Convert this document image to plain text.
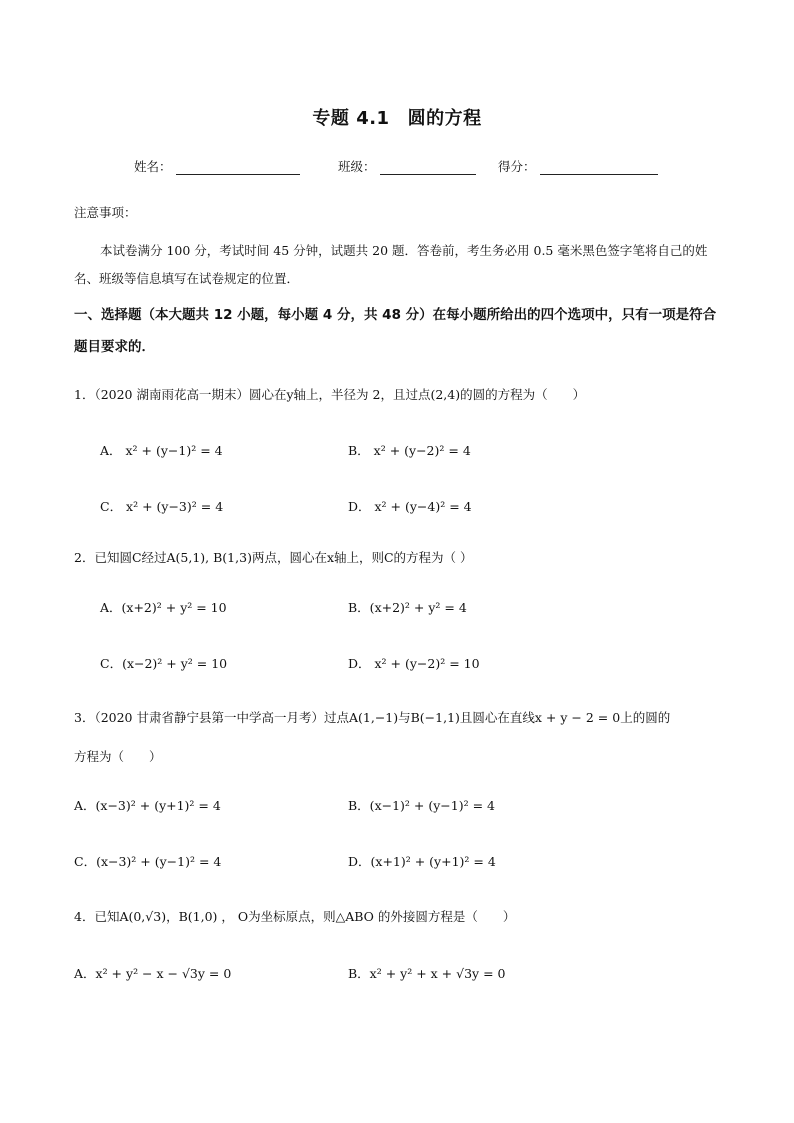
专题 4.1 圆的方程
姓名：	班级：	得分：
注意事项：
本试卷满分 100 分，考试时间 45 分钟，试题共 20 题．答卷前，考生务必用 0.5 毫米黑色签字笔将自己的姓名、班级等信息填写在试卷规定的位置．
一、选择题（本大题共 12 小题，每小题 4 分，共 48 分）在每小题所给出的四个选项中，只有一项是符合题目要求的．
1．（2020 湖南雨花高一期末）圆心在y轴上，半径为 2，且过点(2,4)的圆的方程为（　　）
A． x² + (y−1)² = 4	B． x² + (y−2)² = 4
C． x² + (y−3)² = 4	D． x² + (y−4)² = 4
2．已知圆C经过A(5,1), B(1,3)两点，圆心在x轴上，则C的方程为（ ）
A．(x+2)² + y² = 10	B．(x+2)² + y² = 4
C．(x−2)² + y² = 10	D． x² + (y−2)² = 10
3．（2020 甘肃省静宁县第一中学高一月考）过点A(1,−1)与B(−1,1)且圆心在直线x + y − 2 = 0上的圆的
方程为（　　）
A．(x−3)² + (y+1)² = 4	B．(x−1)² + (y−1)² = 4
C．(x−3)² + (y−1)² = 4	D．(x+1)² + (y+1)² = 4
4．已知A(0,√3)，B(1,0) ， O为坐标原点，则△ABO 的外接圆方程是（　　）
A．x² + y² − x − √3y = 0	B．x² + y² + x + √3y = 0
